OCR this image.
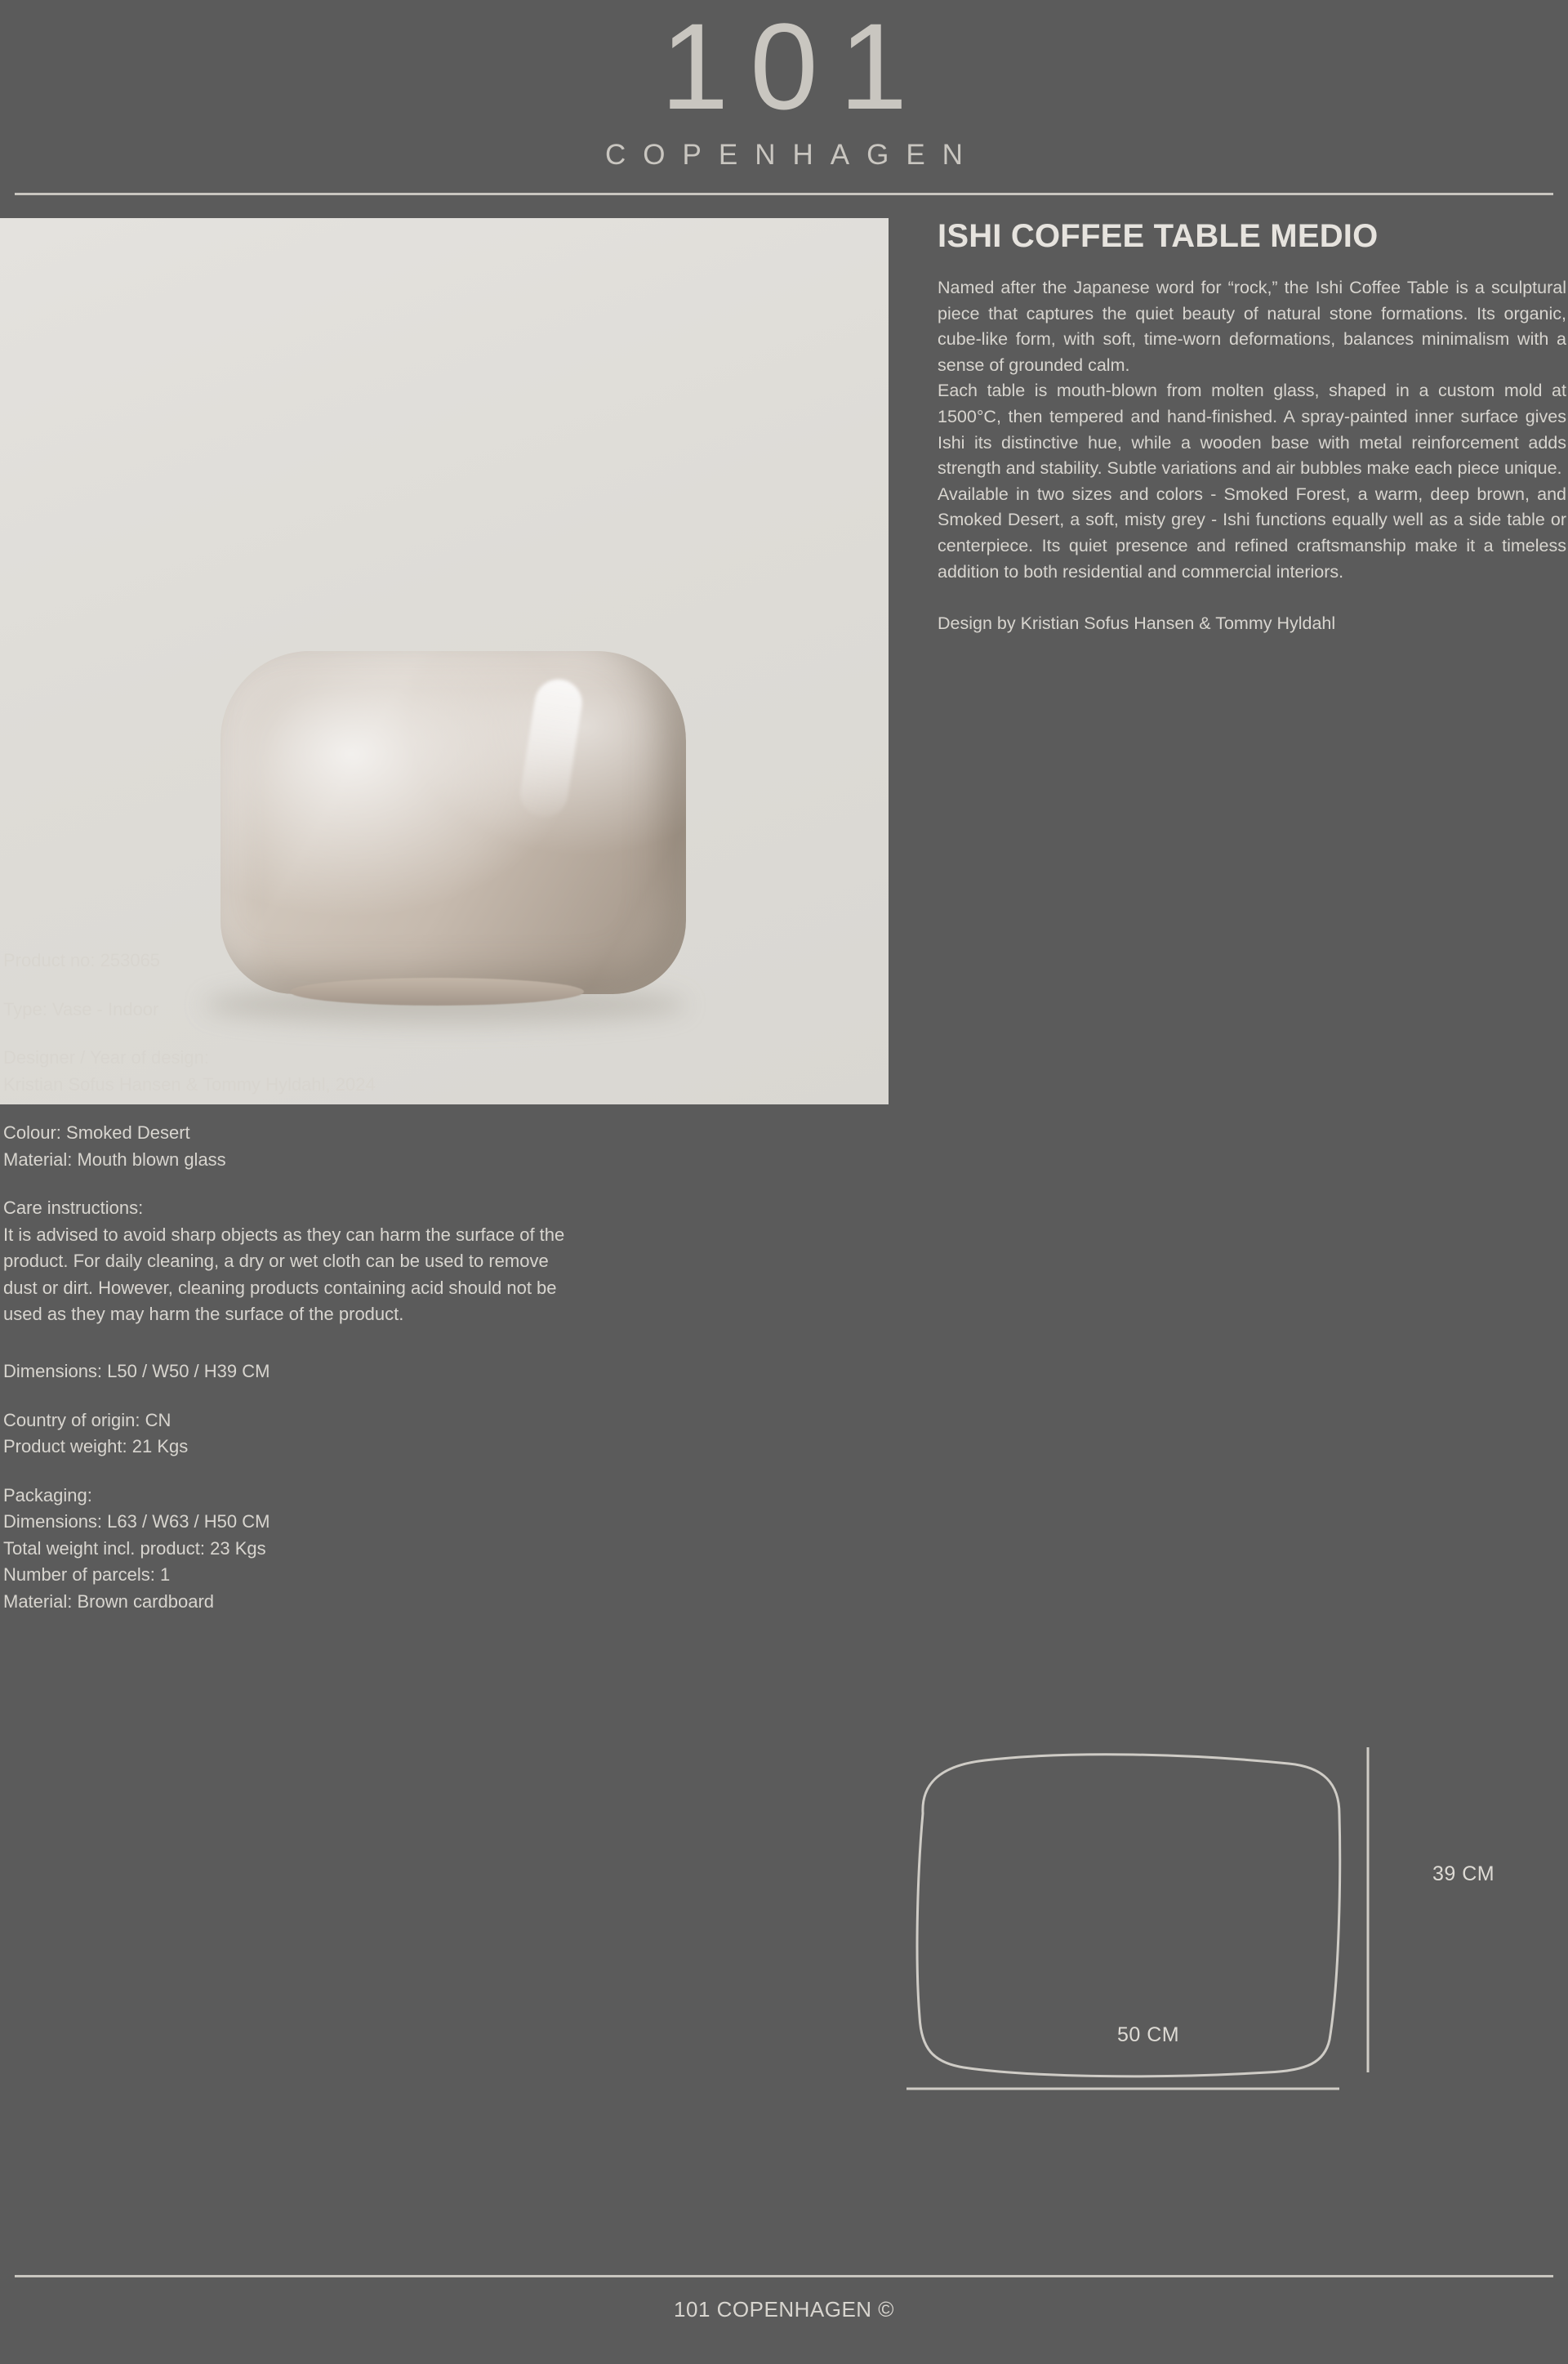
101
COPENHAGEN
ISHI COFFEE TABLE MEDIO

Named after the Japanese word for “rock,” the Ishi Coffee Table is a sculptural piece that captures the quiet beauty of natural stone formations. Its organic, cube-like form, with soft, time-worn deformations, balances minimalism with a sense of grounded calm.

Each table is mouth-blown from molten glass, shaped in a custom mold at 1500°C, then tempered and hand-finished. A spray-painted inner surface gives Ishi its distinctive hue, while a wooden base with metal reinforcement adds strength and stability. Subtle variations and air bubbles make each piece unique.

Available in two sizes and colors - Smoked Forest, a warm, deep brown, and Smoked Desert, a soft, misty grey - Ishi functions equally well as a side table or centerpiece. Its quiet presence and refined craftsmanship make it a timeless addition to both residential and commercial interiors.

Design by Kristian Sofus Hansen & Tommy Hyldahl

Product no: 253065

Type: Vase - Indoor

Designer / Year of design:

Kristian Sofus Hansen & Tommy Hyldahl, 2024

Colour: Smoked Desert

Material: Mouth blown glass

Care instructions:

It is advised to avoid sharp objects as they can harm the surface of the product. For daily cleaning, a dry or wet cloth can be used to remove dust or dirt. However, cleaning products containing acid should not be used as they may harm the surface of the product.

Dimensions: L50 / W50 / H39 CM

Country of origin: CN

Product weight: 21 Kgs

Packaging:

Dimensions: L63 / W63 / H50 CM

Total weight incl. product: 23 Kgs

Number of parcels: 1

Material: Brown cardboard

50 CM
39 CM
101 COPENHAGEN ©
